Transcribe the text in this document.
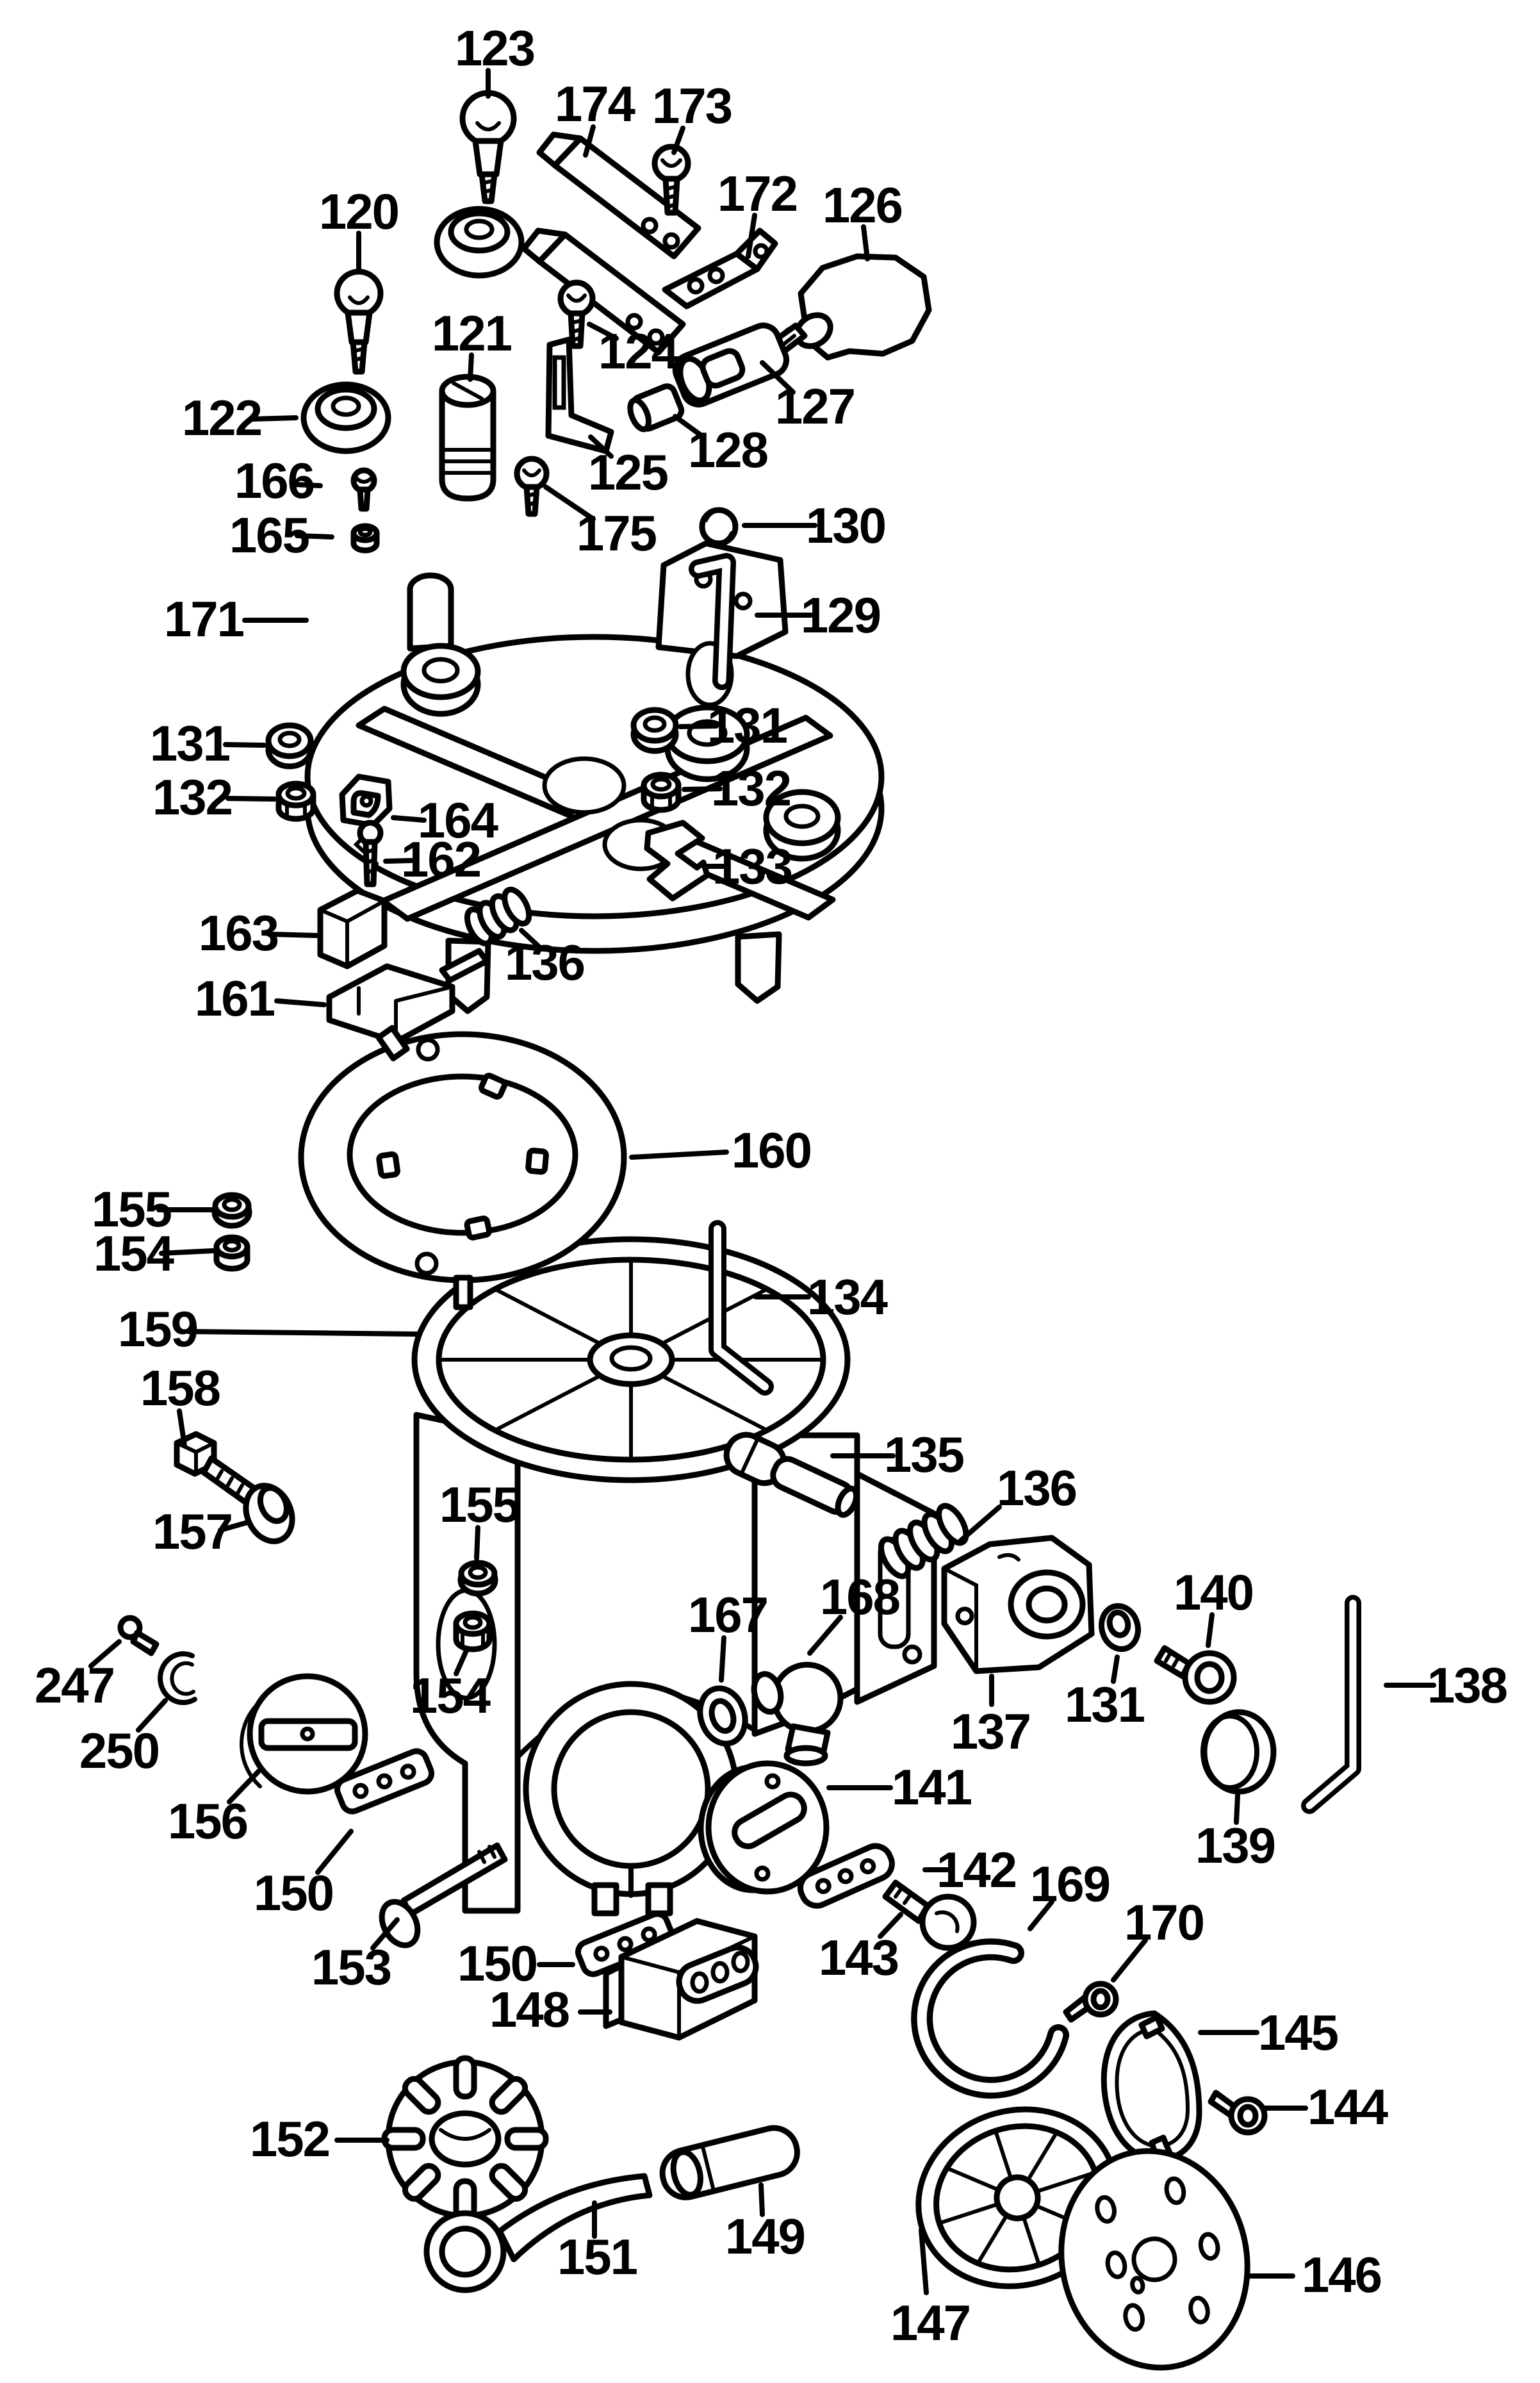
123
120
174 173
172 126
121
122
124
127
125 128
166
165	175	130
129
171
131
132	164
162
131
132
133
163
136
161
160
155
154
159
158
157
134
155
154
135
136
167 168
137 131
140
139
138
247
250
156
150
153
141
142
143
169
170
145
144
150
148
152
151 149
147
146
